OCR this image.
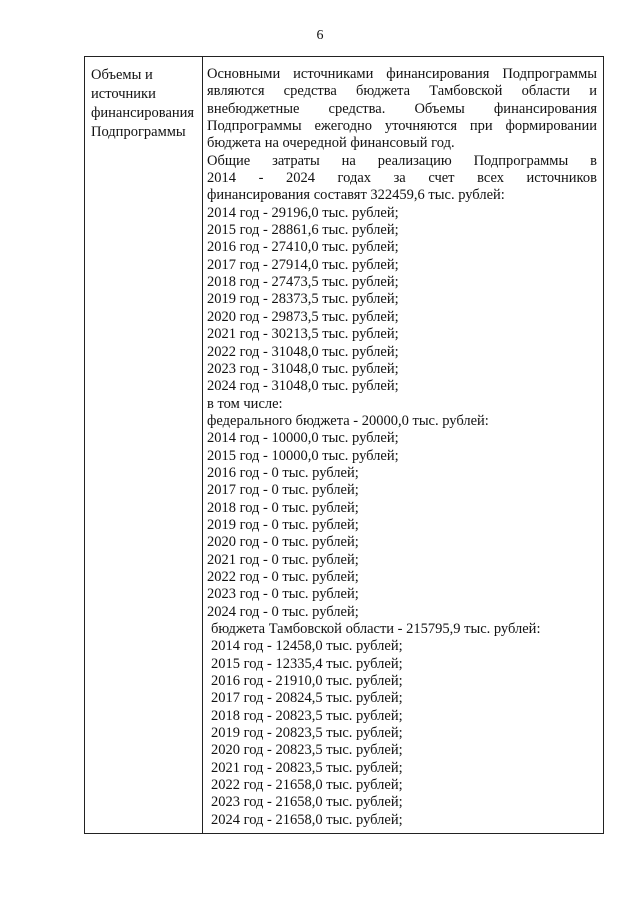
6
Объемы и
источники
финансирования
Подпрограммы
Основными источниками финансирования Подпрограммы являются средства бюджета Тамбовской области и внебюджетные средства. Объемы финансирования Подпрограммы ежегодно уточняются при формировании бюджета на очередной финансовый год.
Общие затраты на реализацию Подпрограммы в
2014 - 2024 годах за счет всех источников
финансирования составят 322459,6 тыс. рублей:
2014 год - 29196,0 тыс. рублей;
2015 год - 28861,6 тыс. рублей;
2016 год - 27410,0 тыс. рублей;
2017 год - 27914,0 тыс. рублей;
2018 год - 27473,5 тыс. рублей;
2019 год - 28373,5 тыс. рублей;
2020 год - 29873,5 тыс. рублей;
2021 год - 30213,5 тыс. рублей;
2022 год - 31048,0 тыс. рублей;
2023 год - 31048,0 тыс. рублей;
2024 год - 31048,0 тыс. рублей;
в том числе:
федерального бюджета - 20000,0 тыс. рублей:
2014 год - 10000,0 тыс. рублей;
2015 год - 10000,0 тыс. рублей;
2016 год - 0 тыс. рублей;
2017 год - 0 тыс. рублей;
2018 год - 0 тыс. рублей;
2019 год - 0 тыс. рублей;
2020 год - 0 тыс. рублей;
2021 год - 0 тыс. рублей;
2022 год - 0 тыс. рублей;
2023 год - 0 тыс. рублей;
2024 год - 0 тыс. рублей;
бюджета Тамбовской области - 215795,9 тыс. рублей:
2014 год - 12458,0 тыс. рублей;
2015 год - 12335,4 тыс. рублей;
2016 год - 21910,0 тыс. рублей;
2017 год - 20824,5 тыс. рублей;
2018 год - 20823,5 тыс. рублей;
2019 год - 20823,5 тыс. рублей;
2020 год - 20823,5 тыс. рублей;
2021 год - 20823,5 тыс. рублей;
2022 год - 21658,0 тыс. рублей;
2023 год - 21658,0 тыс. рублей;
2024 год - 21658,0 тыс. рублей;
